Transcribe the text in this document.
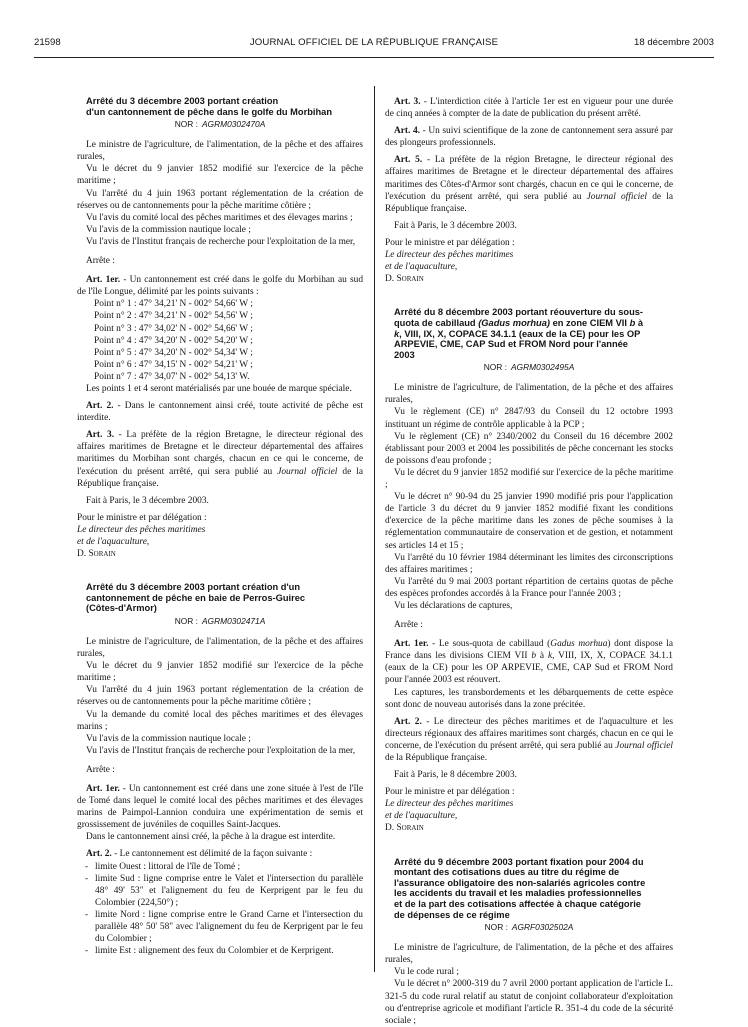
21598	JOURNAL OFFICIEL DE LA RÉPUBLIQUE FRANÇAISE	18 décembre 2003

Arrêté du 3 décembre 2003 portant création

d'un cantonnement de pêche dans le golfe du Morbihan

NOR : AGRM0302470A

Le ministre de l'agriculture, de l'alimentation, de la pêche et des affaires rurales,

Vu le décret du 9 janvier 1852 modifié sur l'exercice de la pêche maritime ;

Vu l'arrêté du 4 juin 1963 portant réglementation de la création de réserves ou de cantonnements pour la pêche maritime côtière ;

Vu l'avis du comité local des pêches maritimes et des élevages marins ;

Vu l'avis de la commission nautique locale ;

Vu l'avis de l'Institut français de recherche pour l'exploitation de la mer,

Arrête :

Art. 1er. - Un cantonnement est créé dans le golfe du Morbihan au sud de l'île Longue, délimité par les points suivants :

Point n° 1 : 47° 34,21' N - 002° 54,66' W ;

Point n° 2 : 47° 34,21' N - 002° 54,56' W ;

Point n° 3 : 47° 34,02' N - 002° 54,66' W ;

Point n° 4 : 47° 34,20' N - 002° 54,20' W ;

Point n° 5 : 47° 34,20' N - 002° 54,34' W ;

Point n° 6 : 47° 34,15' N - 002° 54,21' W ;

Point n° 7 : 47° 34,07' N - 002° 54,13' W.

Les points 1 et 4 seront matérialisés par une bouée de marque spéciale.

Art. 2. - Dans le cantonnement ainsi créé, toute activité de pêche est interdite.

Art. 3. - La préfète de la région Bretagne, le directeur régional des affaires maritimes de Bretagne et le directeur départemental des affaires maritimes du Morbihan sont chargés, chacun en ce qui le concerne, de l'exécution du présent arrêté, qui sera publié au Journal officiel de la République française.

Fait à Paris, le 3 décembre 2003.

Pour le ministre et par délégation :

Le directeur des pêches maritimes

et de l'aquaculture,

D. Sorain

Arrêté du 3 décembre 2003 portant création d'un

cantonnement de pêche en baie de Perros-Guirec

(Côtes-d'Armor)

NOR : AGRM0302471A

Le ministre de l'agriculture, de l'alimentation, de la pêche et des affaires rurales,

Vu le décret du 9 janvier 1852 modifié sur l'exercice de la pêche maritime ;

Vu l'arrêté du 4 juin 1963 portant réglementation de la création de réserves ou de cantonnements pour la pêche maritime côtière ;

Vu la demande du comité local des pêches maritimes et des élevages marins ;

Vu l'avis de la commission nautique locale ;

Vu l'avis de l'Institut français de recherche pour l'exploitation de la mer,

Arrête :

Art. 1er. - Un cantonnement est créé dans une zone située à l'est de l'île de Tomé dans lequel le comité local des pêches maritimes et des élevages marins de Paimpol-Lannion conduira une expérimentation de semis et grossissement de juvéniles de coquilles Saint-Jacques.

Dans le cantonnement ainsi créé, la pêche à la drague est interdite.

Art. 2. - Le cantonnement est délimité de la façon suivante :

- limite Ouest : littoral de l'île de Tomé ;

- limite Sud : ligne comprise entre le Valet et l'intersection du parallèle 48° 49' 53" et l'alignement du feu de Kerprigent par le feu du Colombier (224,50°) ;

- limite Nord : ligne comprise entre le Grand Carne et l'intersection du parallèle 48° 50' 58" avec l'alignement du feu de Kerprigent par le feu du Colombier ;

- limite Est : alignement des feux du Colombier et de Kerprigent.

Art. 3. - L'interdiction citée à l'article 1er est en vigueur pour une durée de cinq années à compter de la date de publication du présent arrêté.

Art. 4. - Un suivi scientifique de la zone de cantonnement sera assuré par des plongeurs professionnels.

Art. 5. - La préfète de la région Bretagne, le directeur régional des affaires maritimes de Bretagne et le directeur départemental des affaires maritimes des Côtes-d'Armor sont chargés, chacun en ce qui le concerne, de l'exécution du présent arrêté, qui sera publié au Journal officiel de la République française.

Fait à Paris, le 3 décembre 2003.

Pour le ministre et par délégation :

Le directeur des pêches maritimes

et de l'aquaculture,

D. Sorain

Arrêté du 8 décembre 2003 portant réouverture du sous-

quota de cabillaud (Gadus morhua) en zone CIEM VII b à

k, VIII, IX, X, COPACE 34.1.1 (eaux de la CE) pour les OP

ARPEVIE, CME, CAP Sud et FROM Nord pour l'année

2003

NOR : AGRM0302495A

Le ministre de l'agriculture, de l'alimentation, de la pêche et des affaires rurales,

Vu le règlement (CE) n° 2847/93 du Conseil du 12 octobre 1993 instituant un régime de contrôle applicable à la PCP ;

Vu le règlement (CE) n° 2340/2002 du Conseil du 16 décembre 2002 établissant pour 2003 et 2004 les possibilités de pêche concernant les stocks de poissons d'eau profonde ;

Vu le décret du 9 janvier 1852 modifié sur l'exercice de la pêche maritime ;

Vu le décret n° 90-94 du 25 janvier 1990 modifié pris pour l'application de l'article 3 du décret du 9 janvier 1852 modifié fixant les conditions d'exercice de la pêche maritime dans les zones de pêche soumises à la réglementation communautaire de conservation et de gestion, et notamment ses articles 14 et 15 ;

Vu l'arrêté du 10 février 1984 déterminant les limites des circonscriptions des affaires maritimes ;

Vu l'arrêté du 9 mai 2003 portant répartition de certains quotas de pêche des espèces profondes accordés à la France pour l'année 2003 ;

Vu les déclarations de captures,

Arrête :

Art. 1er. - Le sous-quota de cabillaud (Gadus morhua) dont dispose la France dans les divisions CIEM VII b à k, VIII, IX, X, COPACE 34.1.1 (eaux de la CE) pour les OP ARPEVIE, CME, CAP Sud et FROM Nord pour l'année 2003 est réouvert.

Les captures, les transbordements et les débarquements de cette espèce sont donc de nouveau autorisés dans la zone précitée.

Art. 2. - Le directeur des pêches maritimes et de l'aquaculture et les directeurs régionaux des affaires maritimes sont chargés, chacun en ce qui le concerne, de l'exécution du présent arrêté, qui sera publié au Journal officiel de la République française.

Fait à Paris, le 8 décembre 2003.

Pour le ministre et par délégation :

Le directeur des pêches maritimes

et de l'aquaculture,

D. Sorain

Arrêté du 9 décembre 2003 portant fixation pour 2004 du

montant des cotisations dues au titre du régime de

l'assurance obligatoire des non-salariés agricoles contre

les accidents du travail et les maladies professionnelles

et de la part des cotisations affectée à chaque catégorie

de dépenses de ce régime

NOR : AGRF0302502A

Le ministre de l'agriculture, de l'alimentation, de la pêche et des affaires rurales,

Vu le code rural ;

Vu le décret n° 2000-319 du 7 avril 2000 portant application de l'article L. 321-5 du code rural relatif au statut de conjoint collaborateur d'exploitation ou d'entreprise agricole et modifiant l'article R. 351-4 du code de la sécurité sociale ;
